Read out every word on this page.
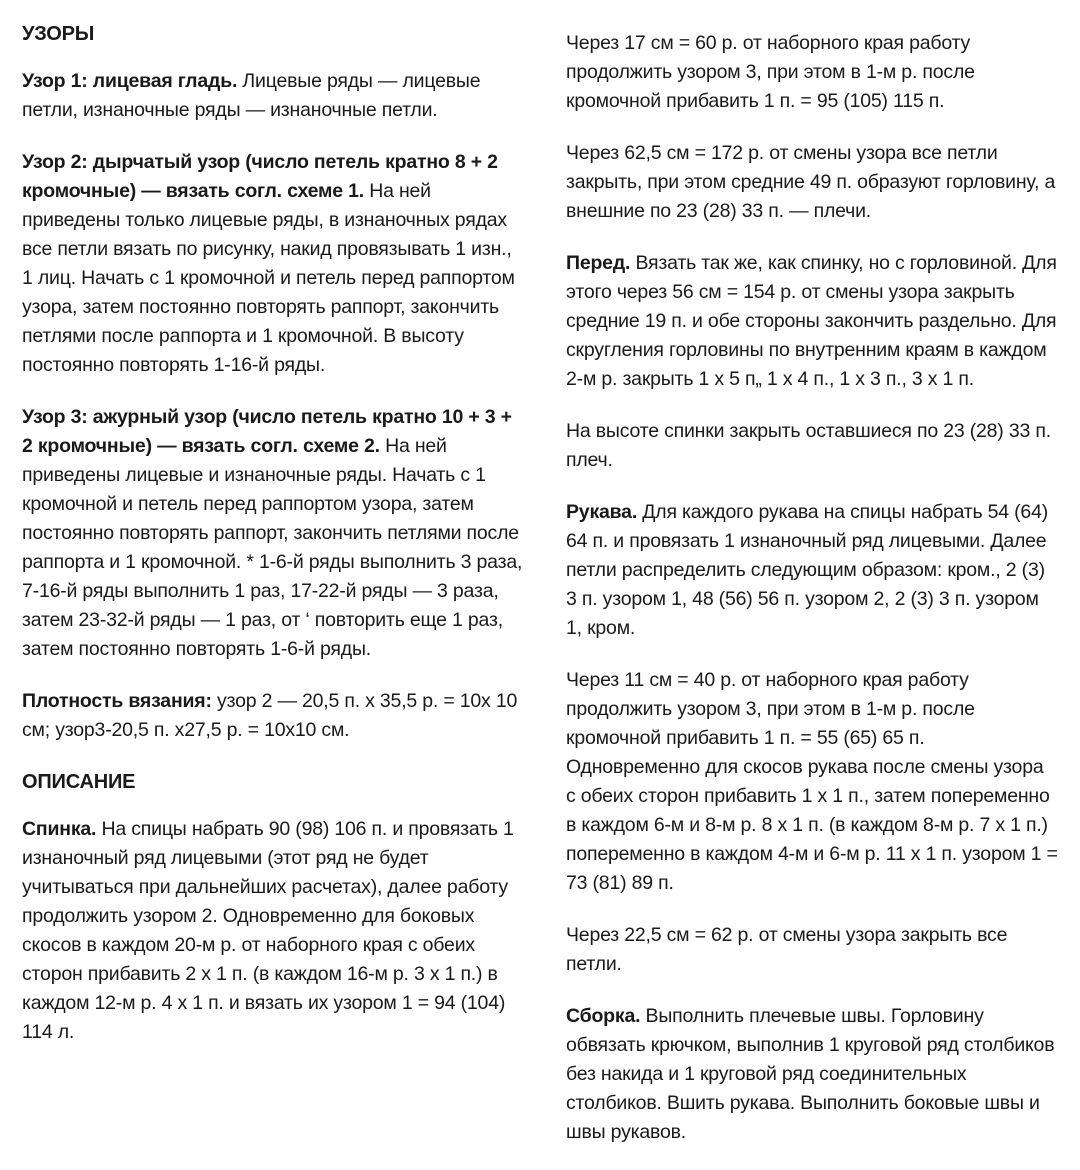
УЗОРЫ
Узор 1: лицевая гладь. Лицевые ряды — лицевые петли, изнаночные ряды — изнаночные петли.
Узор 2: дырчатый узор (число петель кратно 8 + 2 кромочные) — вязать согл. схеме 1. На ней приведены только лицевые ряды, в изнаночных рядах все петли вязать по рисунку, накид провязывать 1 изн., 1 лиц. Начать с 1 кромочной и петель перед раппортом узора, затем постоянно повторять раппорт, закончить петлями после раппорта и 1 кромочной. В высоту постоянно повторять 1-16-й ряды.
Узор 3: ажурный узор (число петель кратно 10 + 3 + 2 кромочные) — вязать согл. схеме 2. На ней приведены лицевые и изнаночные ряды. Начать с 1 кромочной и петель перед раппортом узора, затем постоянно повторять раппорт, закончить петлями после раппорта и 1 кромочной. * 1-6-й ряды выполнить 3 раза, 7-16-й ряды выполнить 1 раз, 17-22-й ряды — 3 раза, затем 23-32-й ряды — 1 раз, от ‘ повторить еще 1 раз, затем постоянно повторять 1-6-й ряды.
Плотность вязания: узор 2 — 20,5 п. х 35,5 р. = 10х 10 см; узор3-20,5 п. х27,5 р. = 10х10 см.
ОПИСАНИЕ
Спинка. На спицы набрать 90 (98) 106 п. и провязать 1 изнаночный ряд лицевыми (этот ряд не будет учитываться при дальнейших расчетах), далее работу продолжить узором 2. Одновременно для боковых скосов в каждом 20-м р. от наборного края с обеих сторон прибавить 2 х 1 п. (в каждом 16-м р. 3 х 1 п.) в каждом 12-м р. 4 х 1 п. и вязать их узором 1 = 94 (104) 114 л.
Через 17 см = 60 р. от наборного края работу продолжить узором 3, при этом в 1-м р. после кромочной прибавить 1 п. = 95 (105) 115 п.
Через 62,5 см = 172 р. от смены узора все петли закрыть, при этом средние 49 п. образуют горловину, а внешние по 23 (28) 33 п. — плечи.
Перед. Вязать так же, как спинку, но с горловиной. Для этого через 56 см = 154 р. от смены узора закрыть средние 19 п. и обе стороны закончить раздельно. Для скругления горловины по внутренним краям в каждом 2-м р. закрыть 1 х 5 п„ 1 х 4 п., 1 х 3 п., 3 х 1 п.
На высоте спинки закрыть оставшиеся по 23 (28) 33 п. плеч.
Рукава. Для каждого рукава на спицы набрать 54 (64) 64 п. и провязать 1 изнаночный ряд лицевыми. Далее петли распределить следующим образом: кром., 2 (3) 3 п. узором 1, 48 (56) 56 п. узором 2, 2 (3) 3 п. узором 1, кром.
Через 11 см = 40 р. от наборного края работу продолжить узором 3, при этом в 1-м р. после кромочной прибавить 1 п. = 55 (65) 65 п. Одновременно для скосов рукава после смены узора с обеих сторон прибавить 1 х 1 п., затем попеременно в каждом 6-м и 8-м р. 8 х 1 п. (в каждом 8-м р. 7 х 1 п.) попеременно в каждом 4-м и 6-м р. 11 х 1 п. узором 1 = 73 (81) 89 п.
Через 22,5 см = 62 р. от смены узора закрыть все петли.
Сборка. Выполнить плечевые швы. Горловину обвязать крючком, выполнив 1 круговой ряд столбиков без накида и 1 круговой ряд соединительных столбиков. Вшить рукава. Выполнить боковые швы и швы рукавов.
